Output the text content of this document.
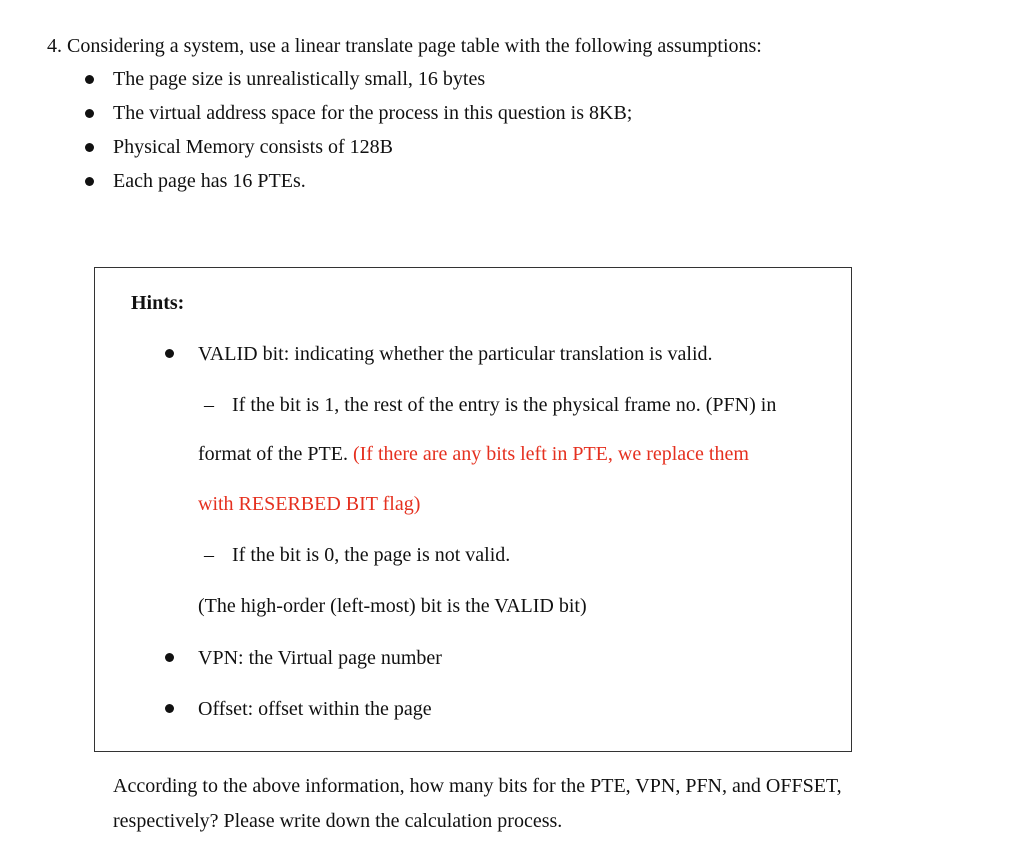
4. Considering a system, use a linear translate page table with the following assumptions:
The page size is unrealistically small, 16 bytes
The virtual address space for the process in this question is 8KB;
Physical Memory consists of 128B
Each page has 16 PTEs.
Hints:
VALID bit: indicating whether the particular translation is valid.
– If the bit is 1, the rest of the entry is the physical frame no. (PFN) in
format of the PTE. (If there are any bits left in PTE, we replace them
with RESERBED BIT flag)
– If the bit is 0, the page is not valid.
(The high-order (left-most) bit is the VALID bit)
VPN: the Virtual page number
Offset: offset within the page
According to the above information, how many bits for the PTE, VPN, PFN, and OFFSET,
respectively? Please write down the calculation process.
